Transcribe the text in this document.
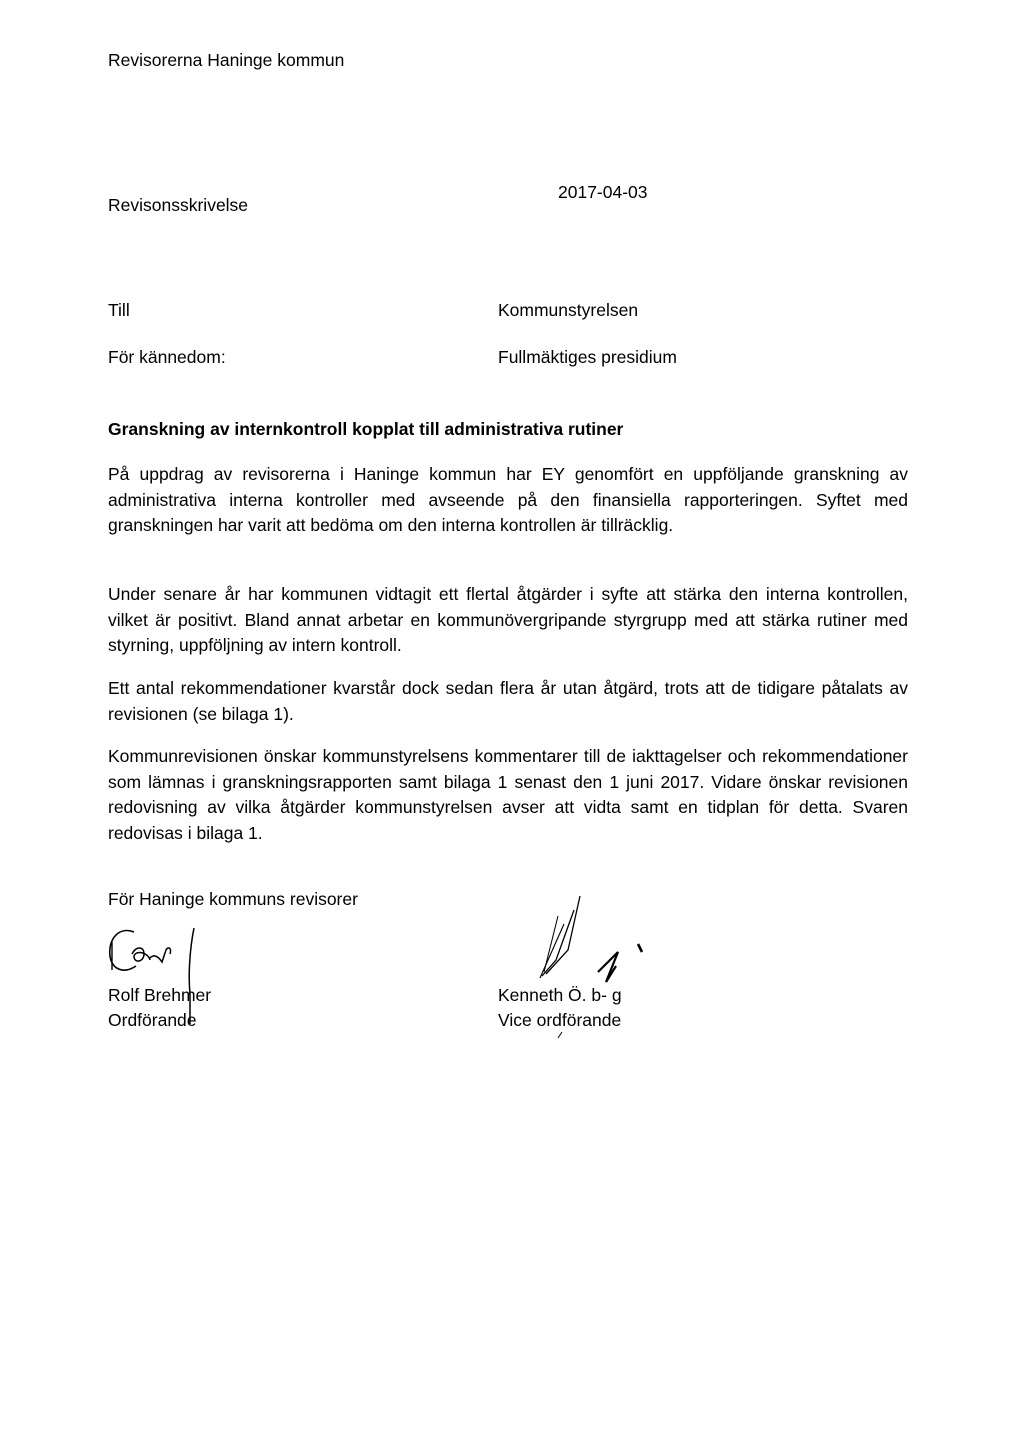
Revisorerna Haninge kommun
Revisonsskrivelse
2017-04-03
Till	Kommunstyrelsen
För kännedom:	Fullmäktiges presidium
Granskning av internkontroll kopplat till administrativa rutiner

På uppdrag av revisorerna i Haninge kommun har EY genomfört en uppföljande granskning av administrativa interna kontroller med avseende på den finansiella rapporteringen. Syftet med granskningen har varit att bedöma om den interna kontrollen är tillräcklig.

Under senare år har kommunen vidtagit ett flertal åtgärder i syfte att stärka den interna kontrollen, vilket är positivt. Bland annat arbetar en kommunövergripande styrgrupp med att stärka rutiner med styrning, uppföljning av intern kontroll.

Ett antal rekommendationer kvarstår dock sedan flera år utan åtgärd, trots att de tidigare påtalats av revisionen (se bilaga 1).

Kommunrevisionen önskar kommunstyrelsens kommentarer till de iakttagelser och rekommendationer som lämnas i granskningsrapporten samt bilaga 1 senast den 1 juni 2017. Vidare önskar revisionen redovisning av vilka åtgärder kommunstyrelsen avser att vidta samt en tidplan för detta. Svaren redovisas i bilaga 1.

För Haninge kommuns revisorer
Rolf Brehmer
Ordförande
Kenneth Ö. b- g
Vice ordförande
